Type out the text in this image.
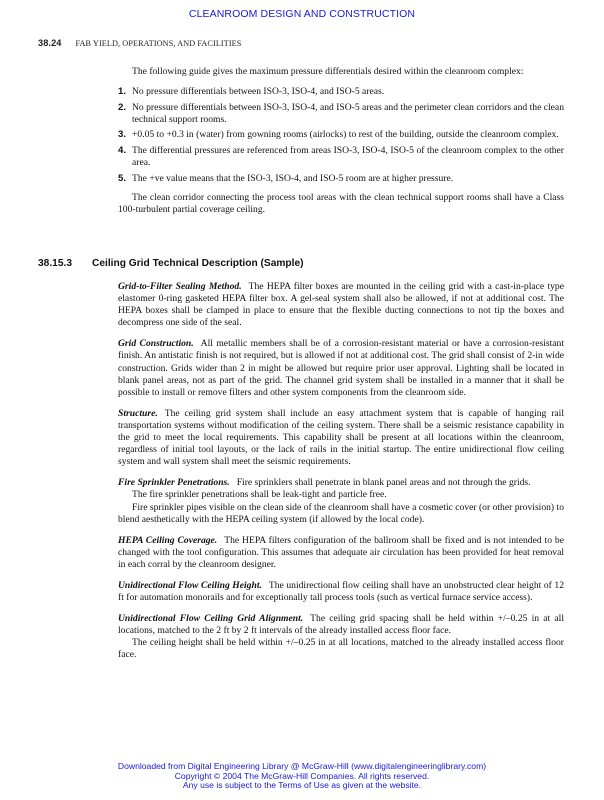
CLEANROOM DESIGN AND CONSTRUCTION
38.24 FAB YIELD, OPERATIONS, AND FACILITIES

The following guide gives the maximum pressure differentials desired within the cleanroom complex:

1. No pressure differentials between ISO-3, ISO-4, and ISO-5 areas.
2. No pressure differentials between ISO-3, ISO-4, and ISO-5 areas and the perimeter clean corridors and the clean technical support rooms.
3. +0.05 to +0.3 in (water) from gowning rooms (airlocks) to rest of the building, outside the cleanroom complex.
4. The differential pressures are referenced from areas ISO-3, ISO-4, ISO-5 of the cleanroom complex to the other area.
5. The +ve value means that the ISO-3, ISO-4, and ISO-5 room are at higher pressure.

The clean corridor connecting the process tool areas with the clean technical support rooms shall have a Class 100-turbulent partial coverage ceiling.

38.15.3 Ceiling Grid Technical Description (Sample)

Grid-to-Filter Sealing Method. The HEPA filter boxes are mounted in the ceiling grid with a cast-in-place type elastomer 0-ring gasketed HEPA filter box. A gel-seal system shall also be allowed, if not at additional cost. The HEPA boxes shall be clamped in place to ensure that the flexible ducting connections to not tip the boxes and decompress one side of the seal.

Grid Construction. All metallic members shall be of a corrosion-resistant material or have a corrosion-resistant finish. An antistatic finish is not required, but is allowed if not at additional cost. The grid shall consist of 2-in wide construction. Grids wider than 2 in might be allowed but require prior user approval. Lighting shall be located in blank panel areas, not as part of the grid. The channel grid system shall be installed in a manner that it shall be possible to install or remove filters and other system components from the cleanroom side.

Structure. The ceiling grid system shall include an easy attachment system that is capable of hanging rail transportation systems without modification of the ceiling system. There shall be a seismic resistance capability in the grid to meet the local requirements. This capability shall be present at all locations within the cleanroom, regardless of initial tool layouts, or the lack of rails in the initial startup. The entire unidirectional flow ceiling system and wall system shall meet the seismic requirements.

Fire Sprinkler Penetrations. Fire sprinklers shall penetrate in blank panel areas and not through the grids.

The fire sprinkler penetrations shall be leak-tight and particle free.

Fire sprinkler pipes visible on the clean side of the cleanroom shall have a cosmetic cover (or other provision) to blend aesthetically with the HEPA ceiling system (if allowed by the local code).

HEPA Ceiling Coverage. The HEPA filters configuration of the ballroom shall be fixed and is not intended to be changed with the tool configuration. This assumes that adequate air circulation has been provided for heat removal in each corral by the cleanroom designer.

Unidirectional Flow Ceiling Height. The unidirectional flow ceiling shall have an unobstructed clear height of 12 ft for automation monorails and for exceptionally tall process tools (such as vertical furnace service access).

Unidirectional Flow Ceiling Grid Alignment. The ceiling grid spacing shall be held within +/–0.25 in at all locations, matched to the 2 ft by 2 ft intervals of the already installed access floor face.

The ceiling height shall be held within +/–0.25 in at all locations, matched to the already installed access floor face.

Downloaded from Digital Engineering Library @ McGraw-Hill (www.digitalengineeringlibrary.com)
Copyright © 2004 The McGraw-Hill Companies. All rights reserved.
Any use is subject to the Terms of Use as given at the website.
